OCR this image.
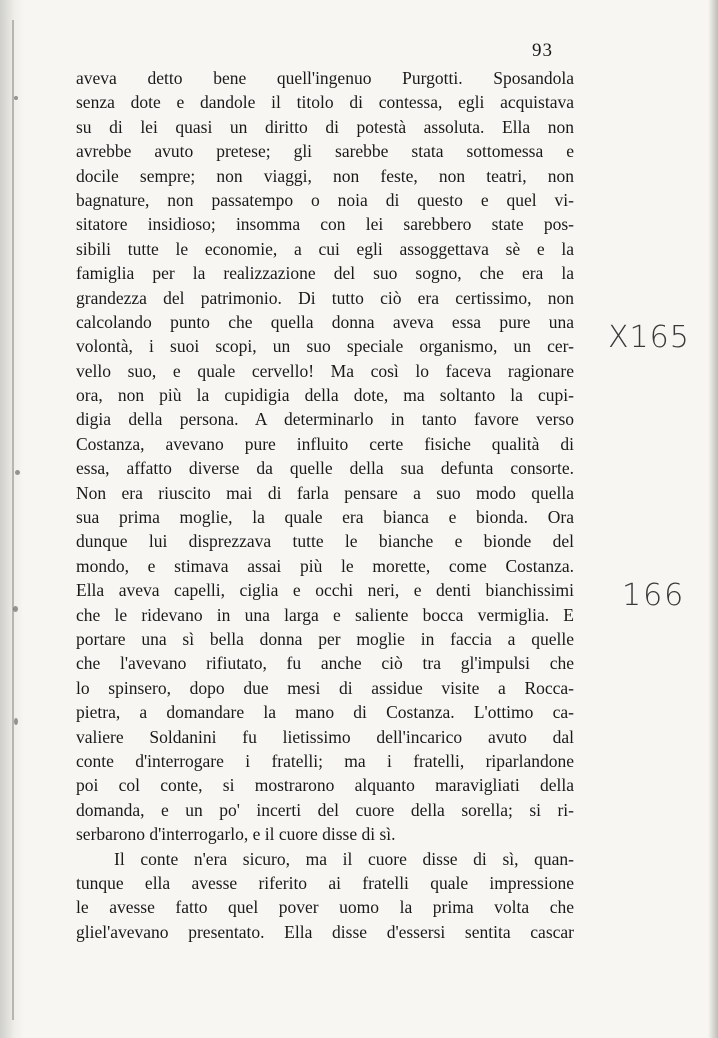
93
aveva detto bene quell'ingenuo Purgotti. Sposandola
senza dote e dandole il titolo di contessa, egli acquistava
su di lei quasi un diritto di potestà assoluta. Ella non
avrebbe avuto pretese; gli sarebbe stata sottomessa e
docile sempre; non viaggi, non feste, non teatri, non
bagnature, non passatempo o noia di questo e quel vi-
sitatore insidioso; insomma con lei sarebbero state pos-
sibili tutte le economie, a cui egli assoggettava sè e la
famiglia per la realizzazione del suo sogno, che era la
grandezza del patrimonio. Di tutto ciò era certissimo, non
calcolando punto che quella donna aveva essa pure una
volontà, i suoi scopi, un suo speciale organismo, un cer-
vello suo, e quale cervello! Ma così lo faceva ragionare
ora, non più la cupidigia della dote, ma soltanto la cupi-
digia della persona. A determinarlo in tanto favore verso
Costanza, avevano pure influito certe fisiche qualità di
essa, affatto diverse da quelle della sua defunta consorte.
Non era riuscito mai di farla pensare a suo modo quella
sua prima moglie, la quale era bianca e bionda. Ora
dunque lui disprezzava tutte le bianche e bionde del
mondo, e stimava assai più le morette, come Costanza.
Ella aveva capelli, ciglia e occhi neri, e denti bianchissimi
che le ridevano in una larga e saliente bocca vermiglia. E
portare una sì bella donna per moglie in faccia a quelle
che l'avevano rifiutato, fu anche ciò tra gl'impulsi che
lo spinsero, dopo due mesi di assidue visite a Rocca-
pietra, a domandare la mano di Costanza. L'ottimo ca-
valiere Soldanini fu lietissimo dell'incarico avuto dal
conte d'interrogare i fratelli; ma i fratelli, riparlandone
poi col conte, si mostrarono alquanto maravigliati della
domanda, e un po' incerti del cuore della sorella; si ri-
serbarono d'interrogarlo, e il cuore disse di sì.
Il conte n'era sicuro, ma il cuore disse di sì, quan-
tunque ella avesse riferito ai fratelli quale impressione
le avesse fatto quel pover uomo la prima volta che
gliel'avevano presentato. Ella disse d'essersi sentita cascar
X165
166
